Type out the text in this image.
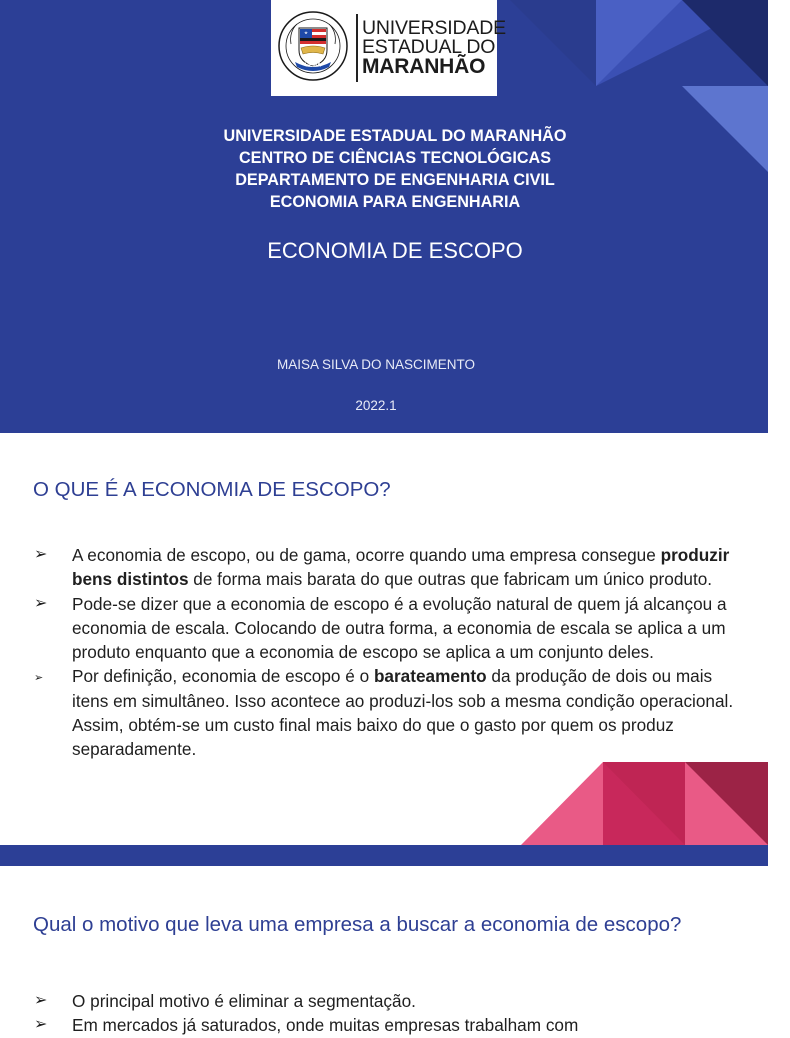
UEMA
UNIVERSIDADE
ESTADUAL DO
MARANHÃO
UNIVERSIDADE ESTADUAL DO MARANHÃO
CENTRO DE CIÊNCIAS TECNOLÓGICAS
DEPARTAMENTO DE ENGENHARIA CIVIL
ECONOMIA PARA ENGENHARIA
ECONOMIA DE ESCOPO
MAISA SILVA DO NASCIMENTO
2022.1
O QUE É A ECONOMIA DE ESCOPO?
➢ A economia de escopo, ou de gama, ocorre quando uma empresa consegue produzir bens distintos de forma mais barata do que outras que fabricam um único produto.
➢ Pode-se dizer que a economia de escopo é a evolução natural de quem já alcançou a economia de escala. Colocando de outra forma, a economia de escala se aplica a um produto enquanto que a economia de escopo se aplica a um conjunto deles.
➢ Por definição, economia de escopo é o barateamento da produção de dois ou mais itens em simultâneo. Isso acontece ao produzi-los sob a mesma condição operacional. Assim, obtém-se um custo final mais baixo do que o gasto por quem os produz separadamente.
Qual o motivo que leva uma empresa a buscar a economia de escopo?
➢ O principal motivo é eliminar a segmentação.
➢ Em mercados já saturados, onde muitas empresas trabalham com
